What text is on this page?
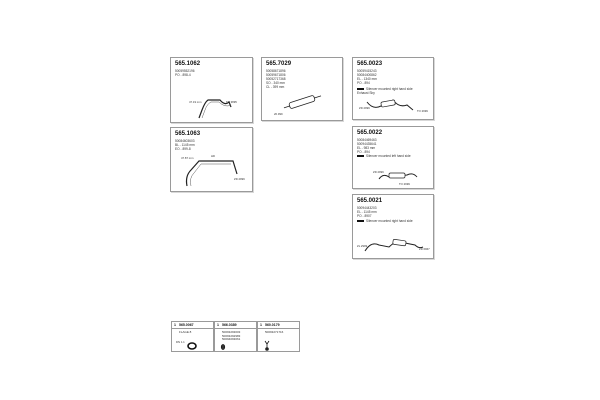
565.1062
50059552196
PO - 898-4
47.19 mm	TO 3895
565.7029
50058671896
50059671806
50052717368
SO - 340 mm
CL - 399 mm
20.999
565.0023
50059415243
50084400862
EL - 1340 mm
PO - 894
Silencer mounted right hand side
Exhaust Sby
ZD 2999
TO 2999
565.1063
50084603603
BL - 1145 mm
EO - 899-8
47.87 mm
ZD 2999
HD
565.0022
50084469463
50094435641
EL - 983 mm
PO - 894
Silencer mounted left hand side
ZD 2999
TO 2999
565.0021
50094443203
EL - 1145 mm
PO - 8907
Silencer mounted right hand side
ZL 2999
ZD 6967
1 565.0067
FLAGE 8
DN 1.1
1 566.0389
50093293003
50093292983
50094093061
1 560.0179
50093271716
